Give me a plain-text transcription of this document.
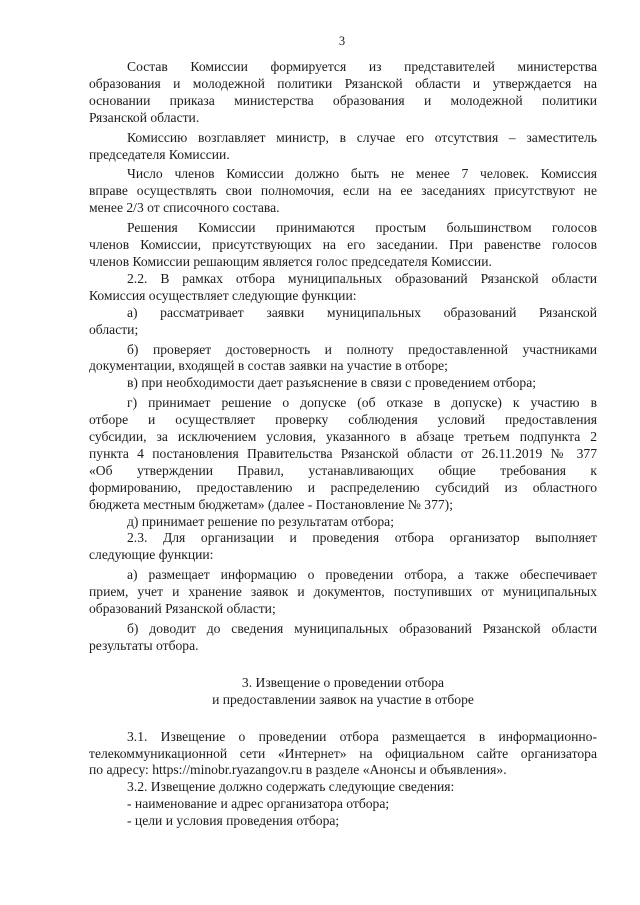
3

Состав Комиссии формируется из представителей министерства

образования и молодежной политики Рязанской области и утверждается на

основании приказа министерства образования и молодежной политики

Рязанской области.

Комиссию возглавляет министр, в случае его отсутствия – заместитель

председателя Комиссии.

Число членов Комиссии должно быть не менее 7 человек. Комиссия

вправе осуществлять свои полномочия, если на ее заседаниях присутствуют не

менее 2/3 от списочного состава.

Решения Комиссии принимаются простым большинством голосов

членов Комиссии, присутствующих на его заседании. При равенстве голосов

членов Комиссии решающим является голос председателя Комиссии.

2.2. В рамках отбора муниципальных образований Рязанской области

Комиссия осуществляет следующие функции:

а) рассматривает заявки муниципальных образований Рязанской

области;

б) проверяет достоверность и полноту предоставленной участниками

документации, входящей в состав заявки на участие в отборе;

в) при необходимости дает разъяснение в связи с проведением отбора;

г) принимает решение о допуске (об отказе в допуске) к участию в

отборе и осуществляет проверку соблюдения условий предоставления

субсидии, за исключением условия, указанного в абзаце третьем подпункта 2

пункта 4 постановления Правительства Рязанской области от 26.11.2019 № 377

«Об утверждении Правил, устанавливающих общие требования к

формированию, предоставлению и распределению субсидий из областного

бюджета местным бюджетам» (далее - Постановление № 377);

д) принимает решение по результатам отбора;

2.3. Для организации и проведения отбора организатор выполняет

следующие функции:

а) размещает информацию о проведении отбора, а также обеспечивает

прием, учет и хранение заявок и документов, поступивших от муниципальных

образований Рязанской области;

б) доводит до сведения муниципальных образований Рязанской области

результаты отбора.

3. Извещение о проведении отбора

и предоставлении заявок на участие в отборе

3.1. Извещение о проведении отбора размещается в информационно-

телекоммуникационной сети «Интернет» на официальном сайте организатора

по адресу: https://minobr.ryazangov.ru в разделе «Анонсы и объявления».

3.2. Извещение должно содержать следующие сведения:

- наименование и адрес организатора отбора;

- цели и условия проведения отбора;
